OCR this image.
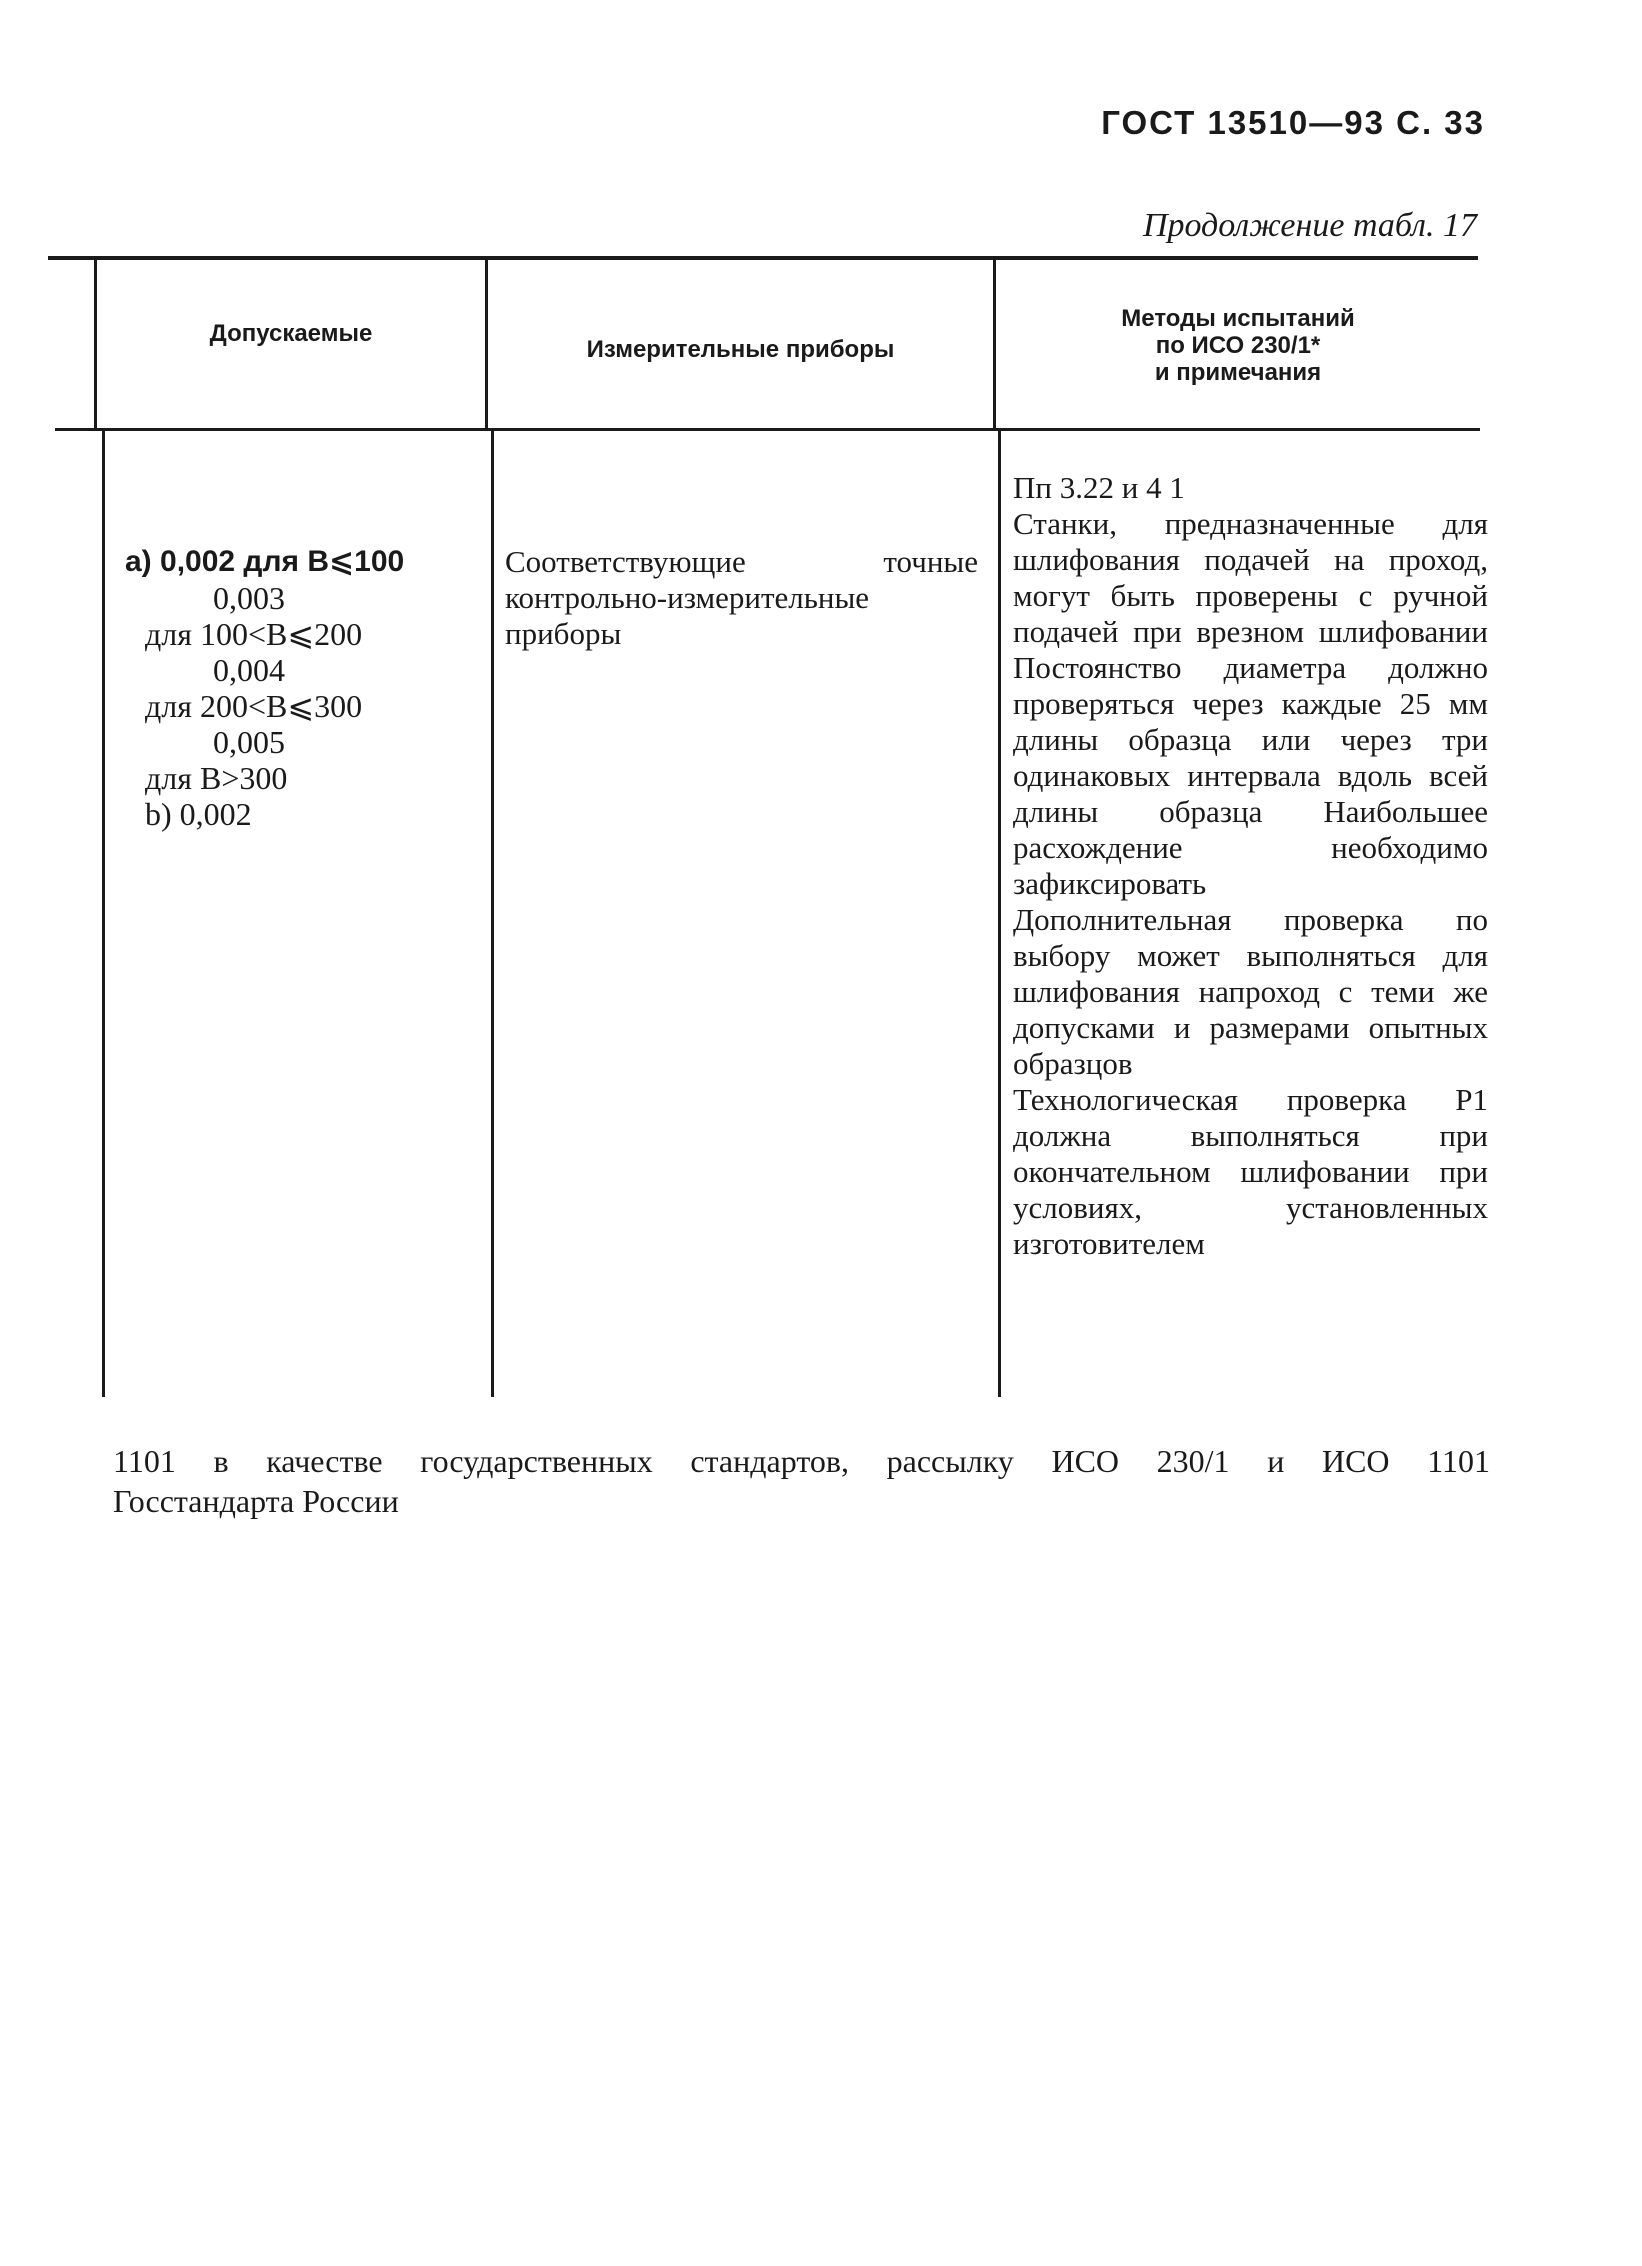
ГОСТ 13510—93 С. 33
Продолжение табл. 17
Допускаемые
Измерительные приборы
Методы испытаний
по ИСО 230/1*
и примечания
а) 0,002 для B⩽100
0,003
для 100<B⩽200
0,004
для 200<B⩽300
0,005
для B>300
b) 0,002
Соответствующие точные
контрольно-измерительные
приборы
Пп 3.22 и 4 1
Станки, предназначенные для шлифования подачей на проход, могут быть проверены с ручной подачей при врезном шлифовании Постоянство диаметра должно проверяться через каждые 25 мм длины образца или через три одинаковых интервала вдоль всей длины образца Наибольшее расхождение необходимо зафиксировать
Дополнительная проверка по выбору может выполняться для шлифования напроход с теми же допусками и размерами опытных образцов
Технологическая проверка P1 должна выполняться при окончательном шлифовании при условиях, установленных изготовителем
1101 в качестве государственных стандартов, рассылку ИСО 230/1 и ИСО 1101
Госстандарта России
